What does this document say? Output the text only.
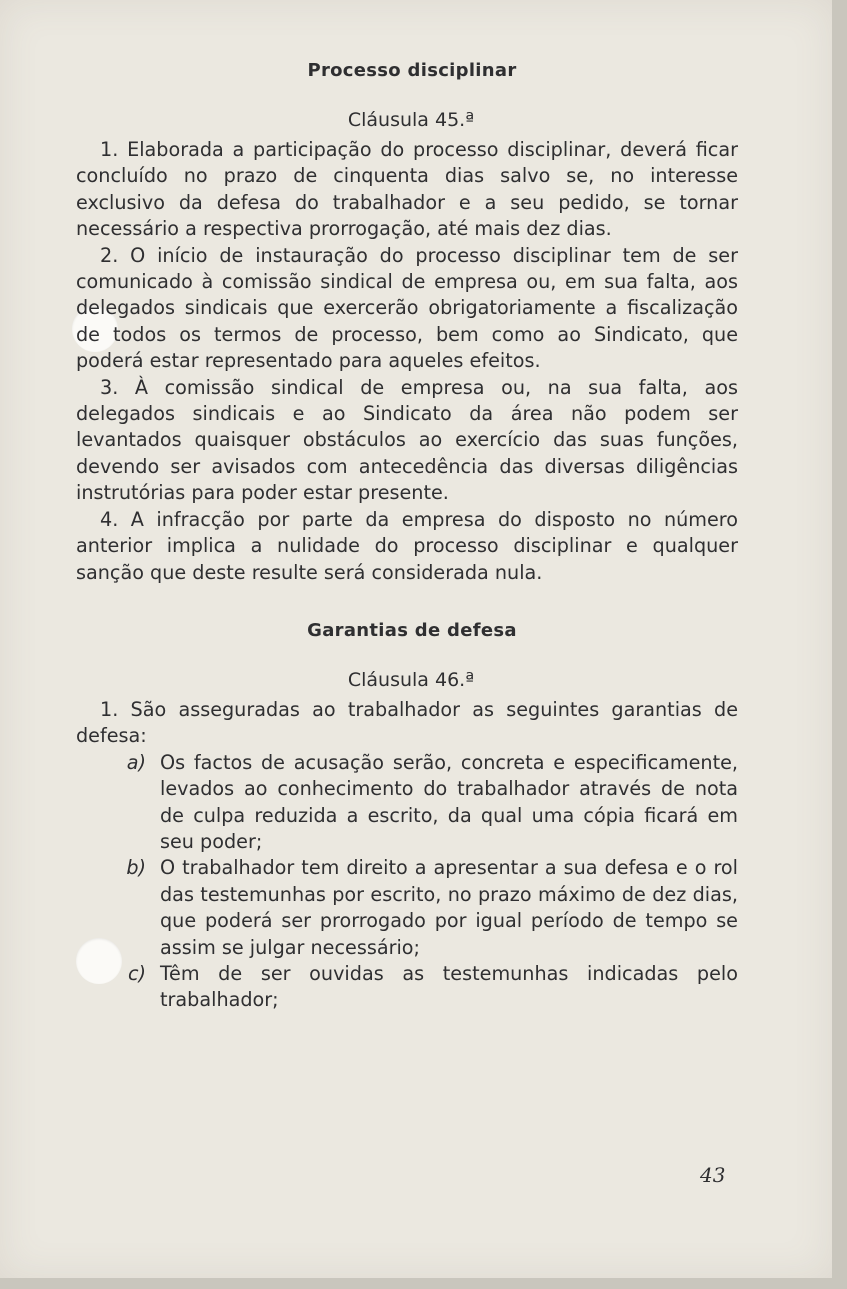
Processo disciplinar
Cláusula 45.ª

1. Elaborada a participação do processo disciplinar, deverá ficar concluído no prazo de cinquenta dias salvo se, no interesse exclusivo da defesa do trabalhador e a seu pedido, se tornar necessário a respectiva prorrogação, até mais dez dias.

2. O início de instauração do processo disciplinar tem de ser comunicado à comissão sindical de empresa ou, em sua falta, aos delegados sindicais que exercerão obrigatoriamente a fiscalização de todos os termos de processo, bem como ao Sindicato, que poderá estar representado para aqueles efeitos.

3. À comissão sindical de empresa ou, na sua falta, aos delegados sindicais e ao Sindicato da área não podem ser levantados quaisquer obstáculos ao exercício das suas funções, devendo ser avisados com antecedência das diversas diligências instrutórias para poder estar presente.

4. A infracção por parte da empresa do disposto no número anterior implica a nulidade do processo disciplinar e qualquer sanção que deste resulte será considerada nula.

Garantias de defesa
Cláusula 46.ª

1. São asseguradas ao trabalhador as seguintes garantias de defesa:

a) Os factos de acusação serão, concreta e especificamente, levados ao conhecimento do trabalhador através de nota de culpa reduzida a escrito, da qual uma cópia ficará em seu poder;
b) O trabalhador tem direito a apresentar a sua defesa e o rol das testemunhas por escrito, no prazo máximo de dez dias, que poderá ser prorrogado por igual período de tempo se assim se julgar necessário;
c) Têm de ser ouvidas as testemunhas indicadas pelo trabalhador;
43
